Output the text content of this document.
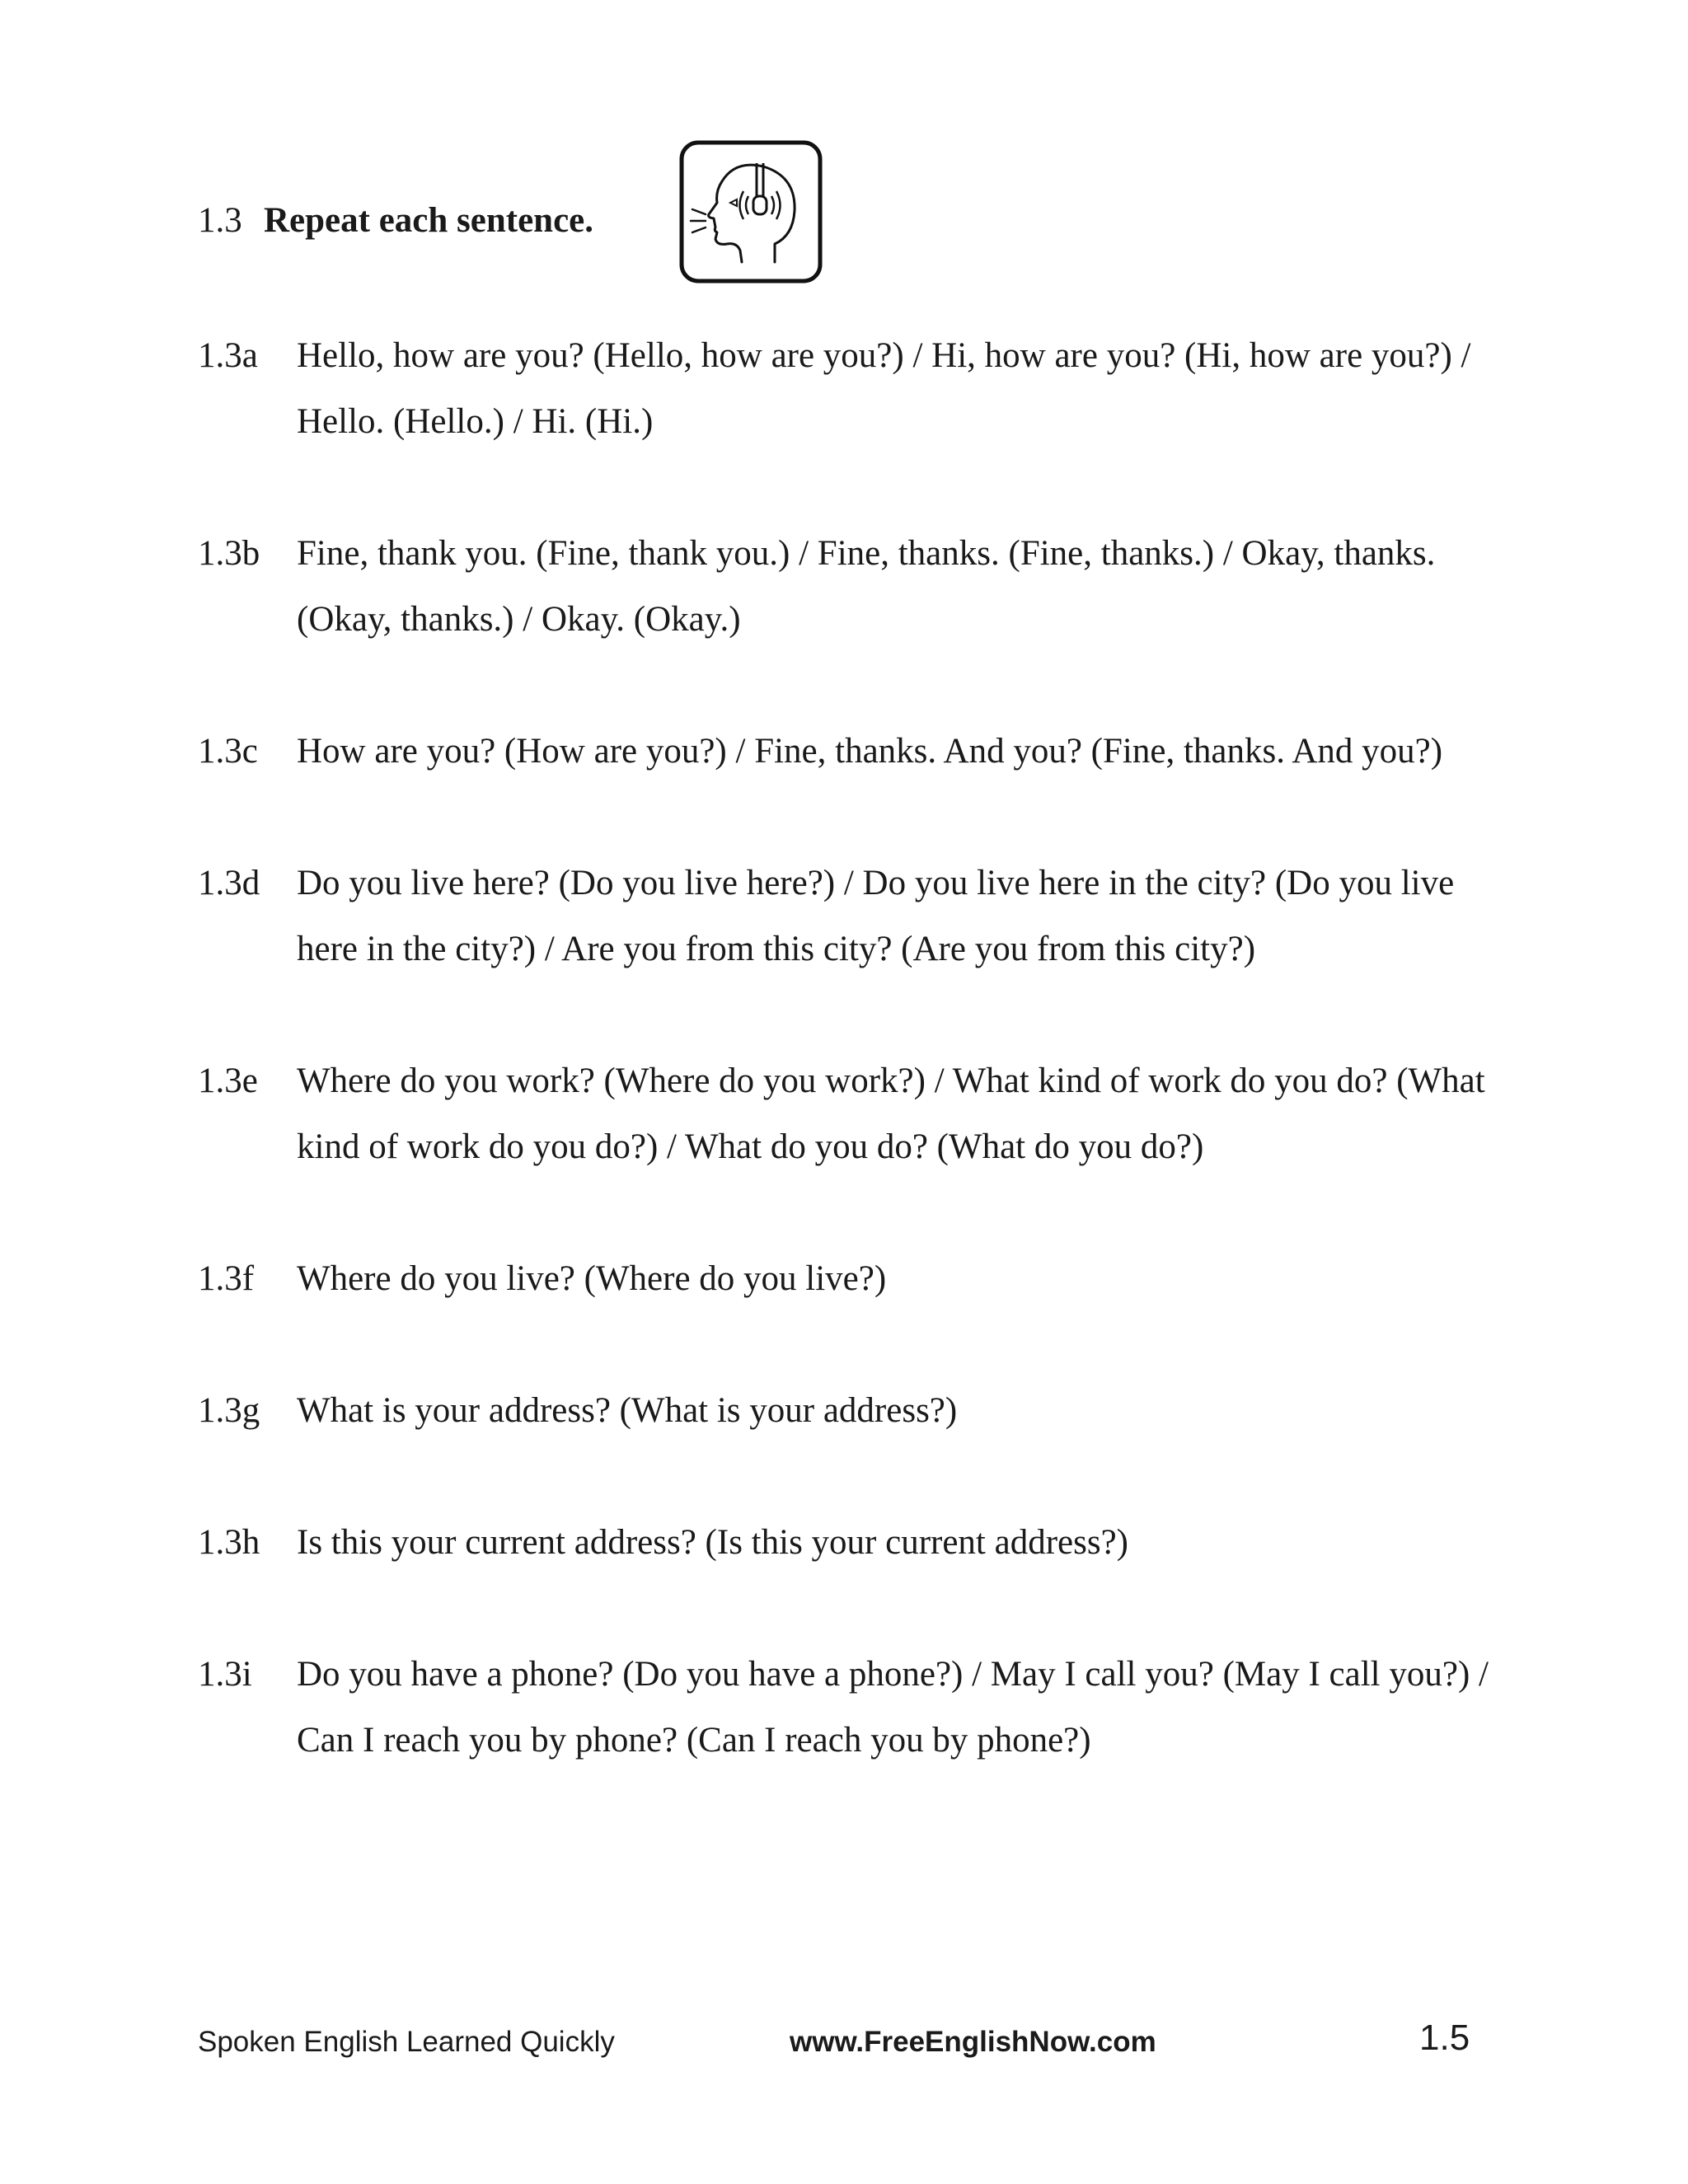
1.3 Repeat each sentence.
1.3a	Hello, how are you? (Hello, how are you?) / Hi, how are you? (Hi, how are you?) / Hello. (Hello.) / Hi. (Hi.)
1.3b	Fine, thank you. (Fine, thank you.) / Fine, thanks. (Fine, thanks.) / Okay, thanks. (Okay, thanks.) / Okay. (Okay.)
1.3c	How are you? (How are you?) / Fine, thanks. And you? (Fine, thanks. And you?)
1.3d	Do you live here? (Do you live here?) / Do you live here in the city? (Do you live here in the city?) / Are you from this city? (Are you from this city?)
1.3e	Where do you work? (Where do you work?) / What kind of work do you do? (What kind of work do you do?) / What do you do? (What do you do?)
1.3f	Where do you live? (Where do you live?)
1.3g	What is your address? (What is your address?)
1.3h	Is this your current address? (Is this your current address?)
1.3i	Do you have a phone? (Do you have a phone?) / May I call you? (May I call you?) / Can I reach you by phone? (Can I reach you by phone?)
Spoken English Learned Quickly	www.FreeEnglishNow.com	1.5
